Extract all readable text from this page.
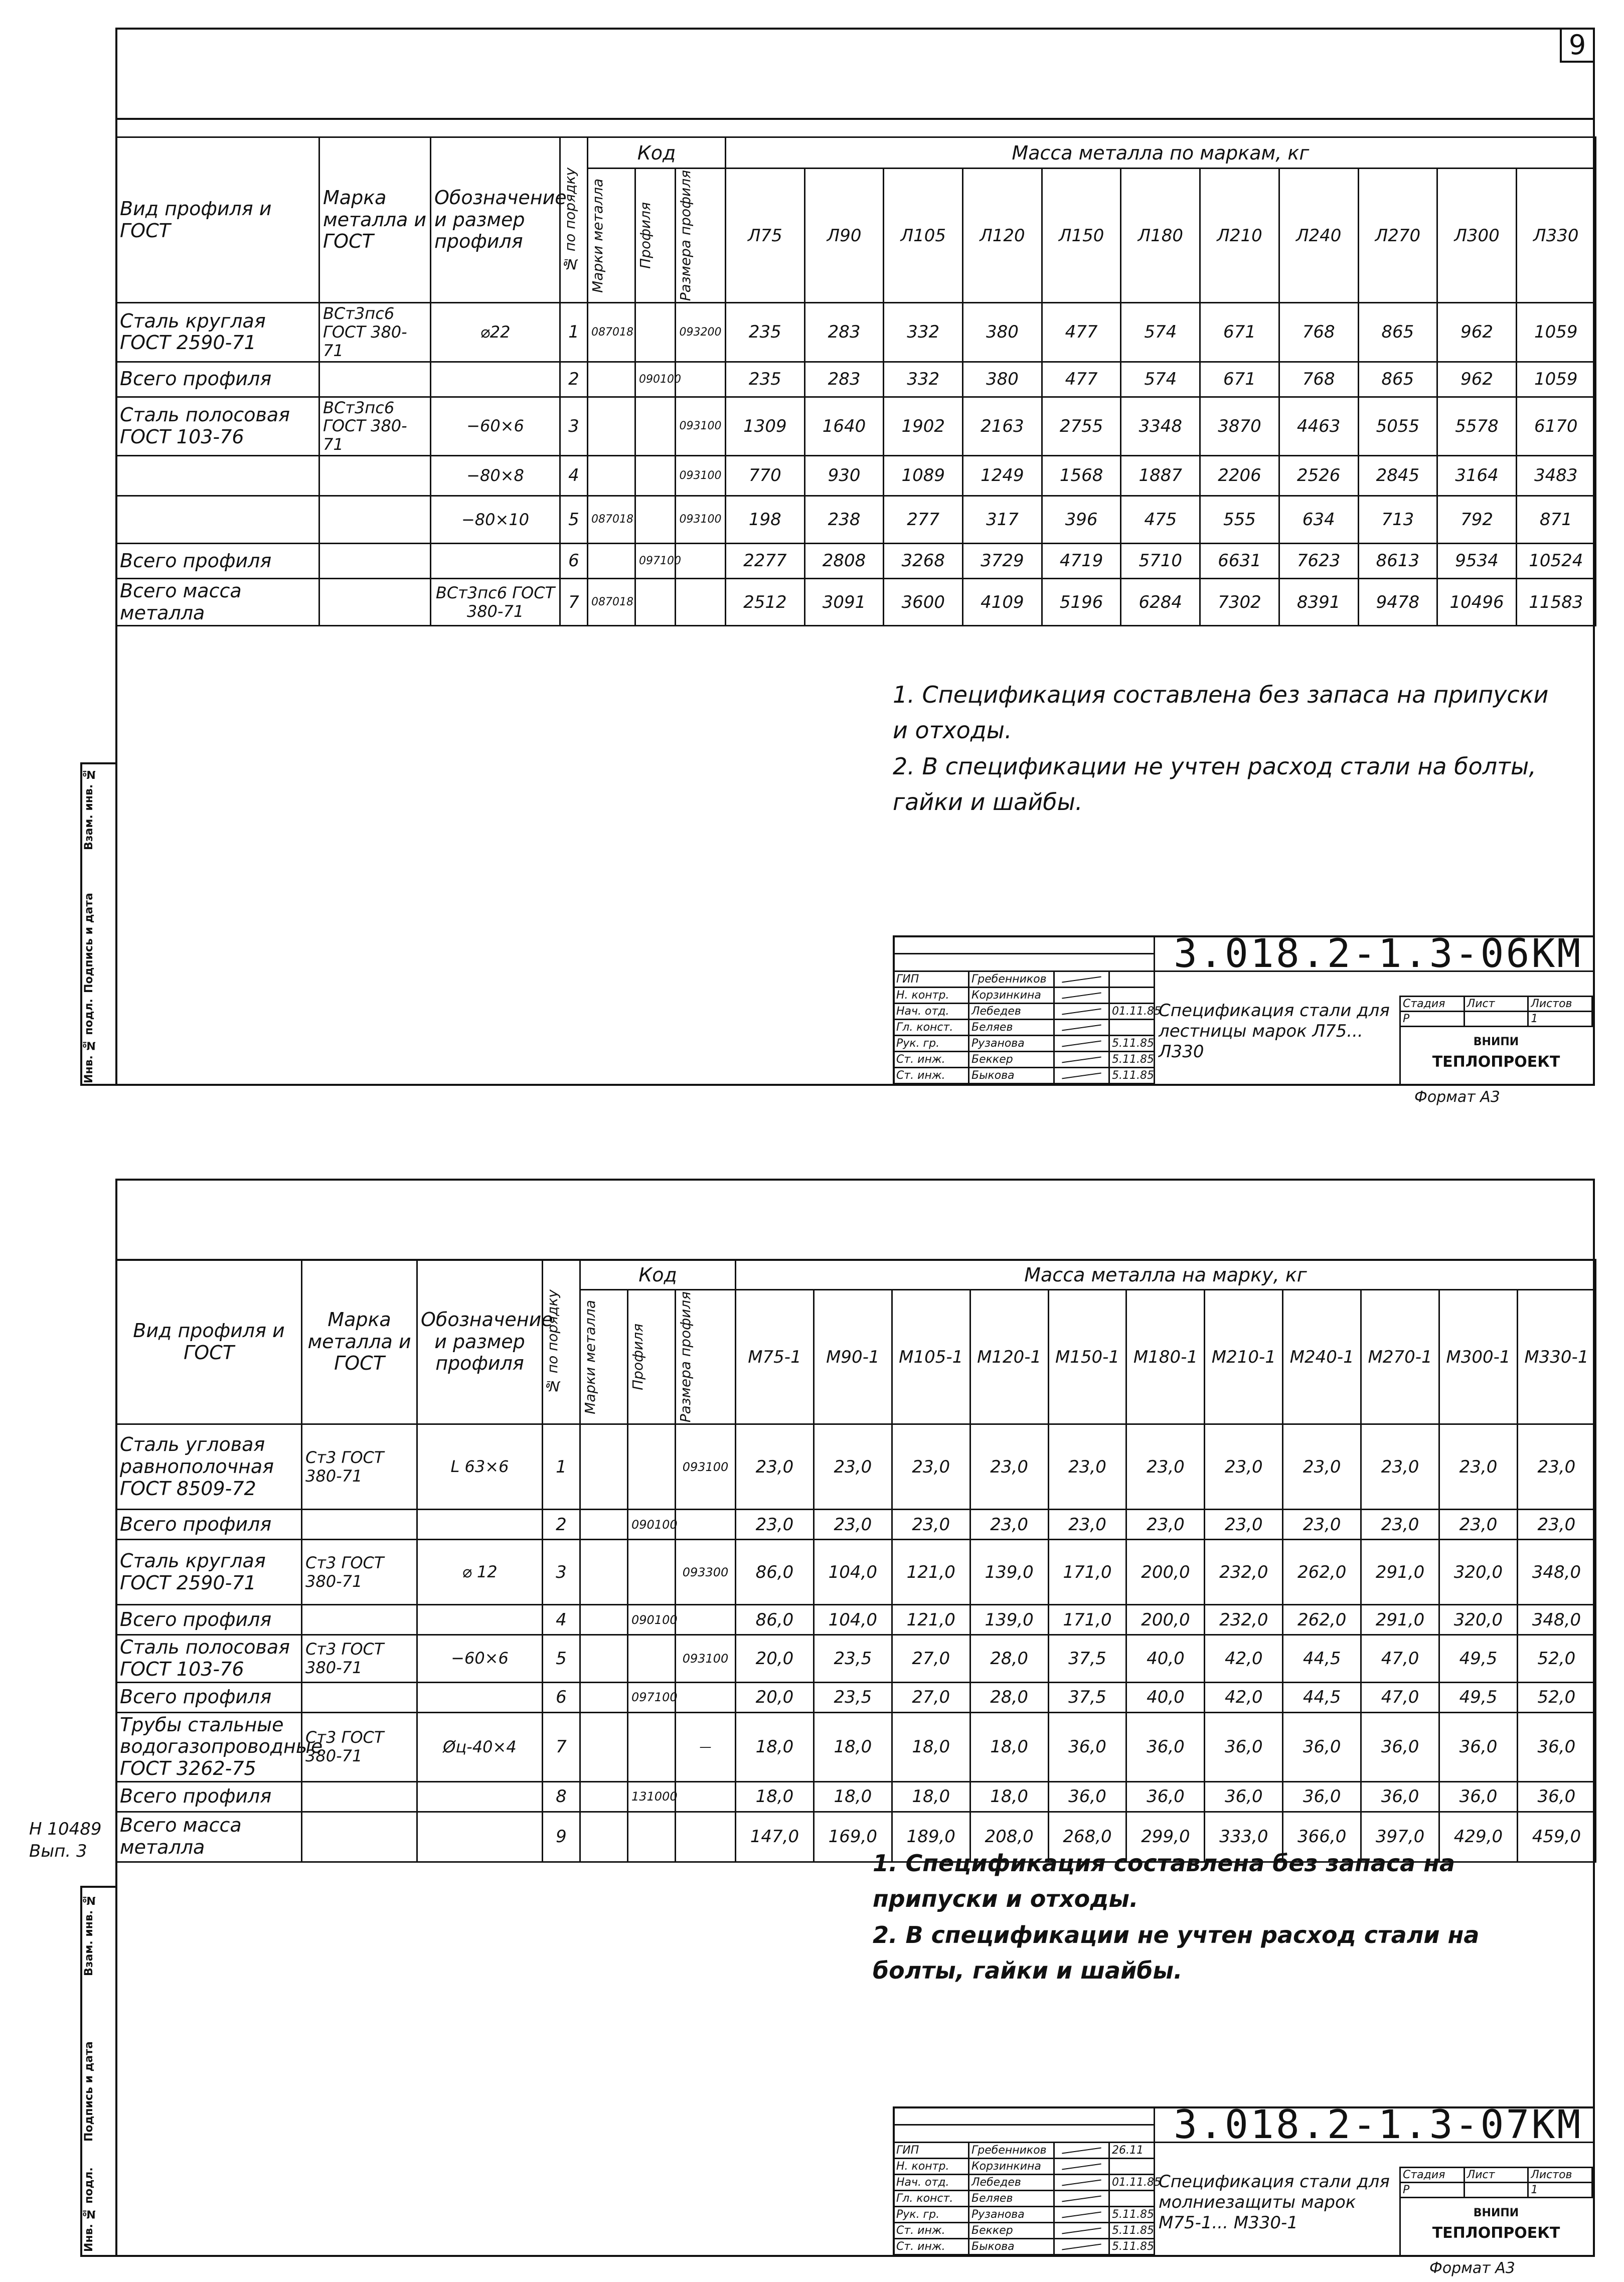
9
Вид профиля и ГОСТ	Марка металла и ГОСТ	Обозначение и размер профиля	№ по порядку	Код			Масса металла по маркам, кг										

				Марки металла	Профиля	Размера профиля	Л75	Л90	Л105	Л120	Л150	Л180	Л210	Л240	Л270	Л300	Л330
Сталь круглая ГОСТ 2590-71	ВСт3пс6 ГОСТ 380-71	⌀22	1	087018		093200	235	283	332	380	477	574	671	768	865	962	1059
Всего профиля			2		090100		235	283	332	380	477	574	671	768	865	962	1059
Сталь полосовая ГОСТ 103-76	ВСт3пс6 ГОСТ 380-71	−60×6	3			093100	1309	1640	1902	2163	2755	3348	3870	4463	5055	5578	6170
		−80×8	4			093100	770	930	1089	1249	1568	1887	2206	2526	2845	3164	3483
		−80×10	5	087018		093100	198	238	277	317	396	475	555	634	713	792	871
Всего профиля			6		097100		2277	2808	3268	3729	4719	5710	6631	7623	8613	9534	10524
Всего масса металла		ВСт3пс6 ГОСТ 380-71	7	087018			2512	3091	3600	4109	5196	6284	7302	8391	9478	10496	11583
1. Спецификация составлена без запаса на припуски и отходы.
2. В спецификации не учтен расход стали на болты, гайки и шайбы.
Инв. № подл.
Подпись и дата
Взам. инв. №
ГИП	Гребенников	

Н. контр.	Корзинкина	

Нач. отд.	Лебедев		01.11.85
Гл. конст.	Беляев	

Рук. гр.	Рузанова		5.11.85
Ст. инж.	Беккер		5.11.85
Ст. инж.	Быкова		5.11.85
3.018.2-1.3-06КМ
Спецификация стали для лестницы марок Л75... Л330
Стадия	Лист	Листов
Р		1
ВНИПИ
ТЕПЛОПРОЕКТ
Формат А3
Вид профиля и ГОСТ	Марка металла и ГОСТ	Обозначение и размер профиля	№ по порядку	Код			Масса металла на марку, кг										

				Марки металла	Профиля	Размера профиля	М75-1	М90-1	М105-1	М120-1	М150-1	М180-1	М210-1	М240-1	М270-1	М300-1	М330-1
Сталь угловая равнополочная ГОСТ 8509-72	Ст3 ГОСТ 380-71	L 63×6	1			093100	23,0	23,0	23,0	23,0	23,0	23,0	23,0	23,0	23,0	23,0	23,0
Всего профиля			2		090100		23,0	23,0	23,0	23,0	23,0	23,0	23,0	23,0	23,0	23,0	23,0
Сталь круглая ГОСТ 2590-71	Ст3 ГОСТ 380-71	⌀ 12	3			093300	86,0	104,0	121,0	139,0	171,0	200,0	232,0	262,0	291,0	320,0	348,0
Всего профиля			4		090100		86,0	104,0	121,0	139,0	171,0	200,0	232,0	262,0	291,0	320,0	348,0
Сталь полосовая ГОСТ 103-76	Ст3 ГОСТ 380-71	−60×6	5			093100	20,0	23,5	27,0	28,0	37,5	40,0	42,0	44,5	47,0	49,5	52,0
Всего профиля			6		097100		20,0	23,5	27,0	28,0	37,5	40,0	42,0	44,5	47,0	49,5	52,0
Трубы стальные водогазопроводные ГОСТ 3262-75	Ст3 ГОСТ 380-71	Øц-40×4	7			—	18,0	18,0	18,0	18,0	36,0	36,0	36,0	36,0	36,0	36,0	36,0
Всего профиля			8		131000		18,0	18,0	18,0	18,0	36,0	36,0	36,0	36,0	36,0	36,0	36,0
Всего масса металла			9				147,0	169,0	189,0	208,0	268,0	299,0	333,0	366,0	397,0	429,0	459,0
1. Спецификация составлена без запаса на припуски и отходы.
2. В спецификации не учтен расход стали на болты, гайки и шайбы.
Н 10489 Вып. 3
Инв. № подл.
Подпись и дата
Взам. инв. №
ГИП	Гребенников		26.11
Н. контр.	Корзинкина	

Нач. отд.	Лебедев		01.11.85
Гл. конст.	Беляев	

Рук. гр.	Рузанова		5.11.85
Ст. инж.	Беккер		5.11.85
Ст. инж.	Быкова		5.11.85
3.018.2-1.3-07КМ
Спецификация стали для молниезащиты марок М75-1... М330-1
Стадия	Лист	Листов
Р		1
ВНИПИ
ТЕПЛОПРОЕКТ
Формат А3
